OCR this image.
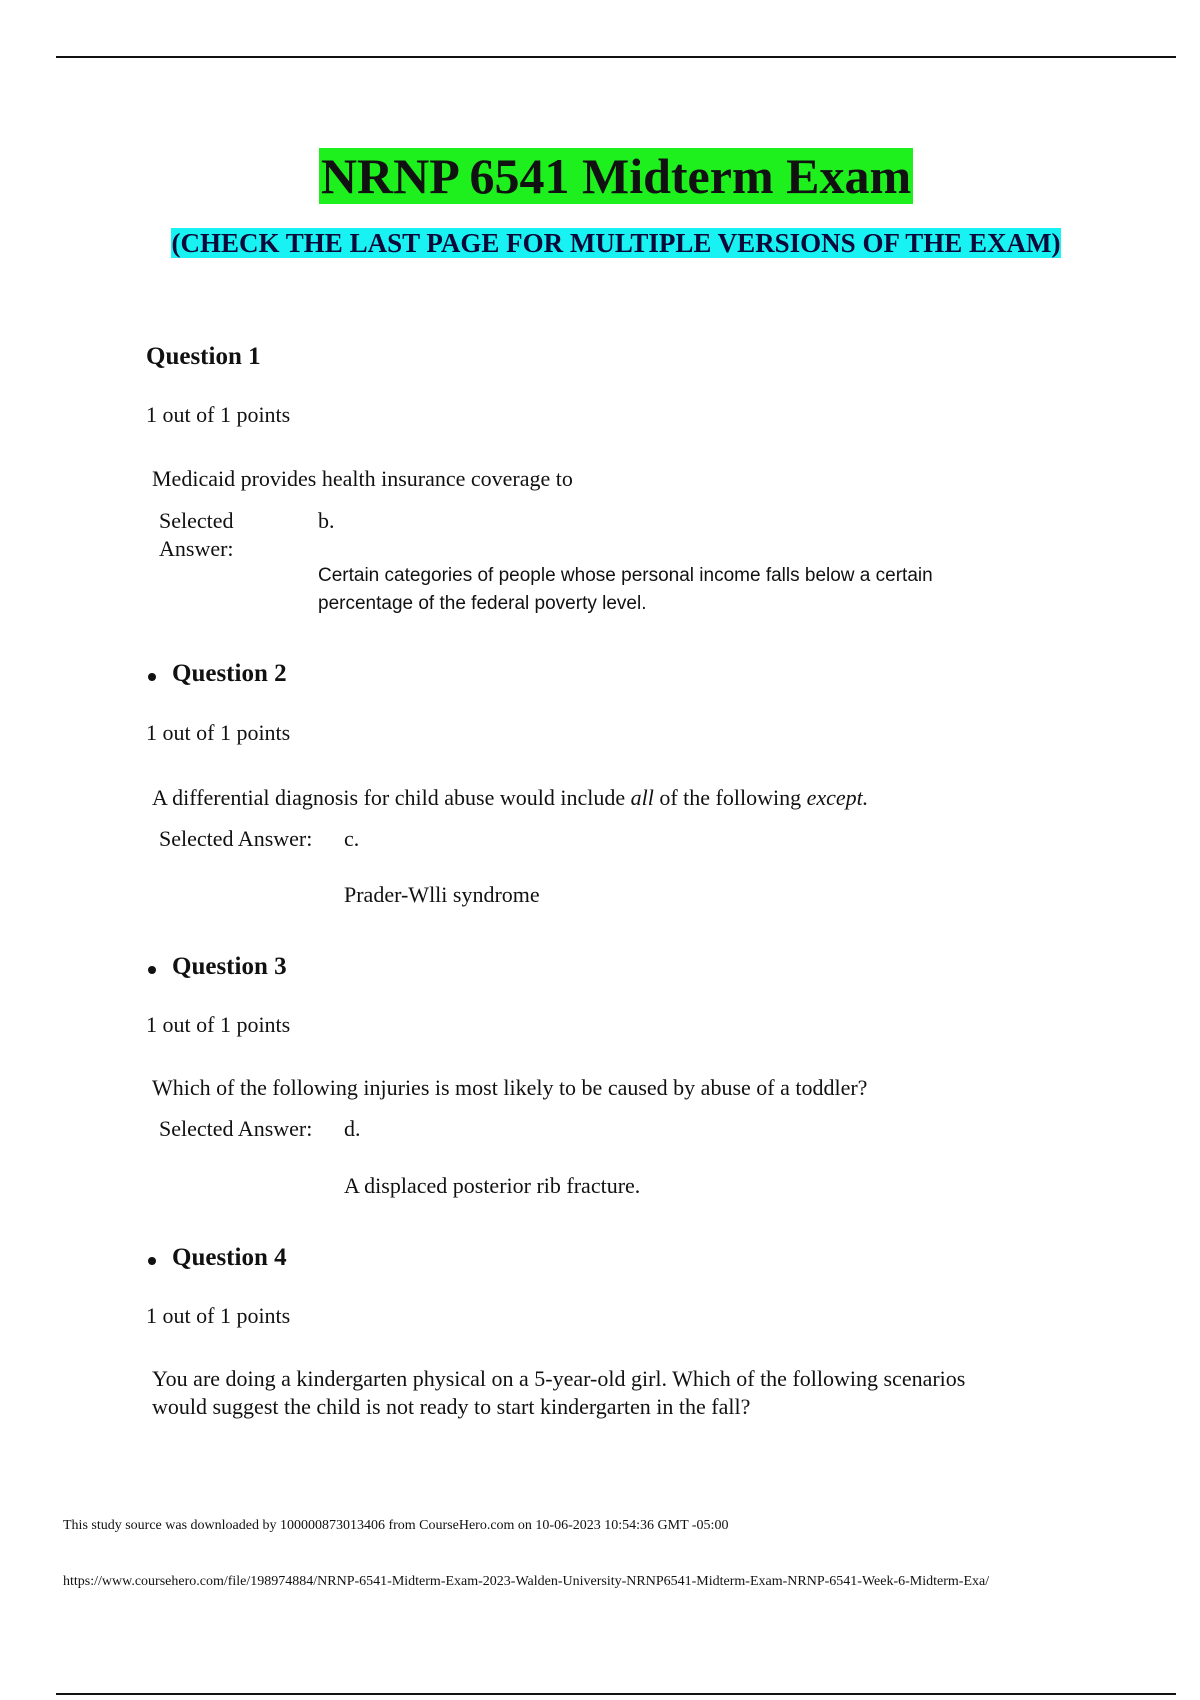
NRNP 6541 Midterm Exam
(CHECK THE LAST PAGE FOR MULTIPLE VERSIONS OF THE EXAM)
Question 1
1 out of 1 points
Medicaid provides health insurance coverage to
Selected
Answer:
b.
Certain categories of people whose personal income falls below a certain
percentage of the federal poverty level.
Question 2
1 out of 1 points
A differential diagnosis for child abuse would include all of the following except.
Selected Answer: c.
Prader-Wlli syndrome
Question 3
1 out of 1 points
Which of the following injuries is most likely to be caused by abuse of a toddler?
Selected Answer: d.
A displaced posterior rib fracture.
Question 4
1 out of 1 points
You are doing a kindergarten physical on a 5-year-old girl. Which of the following scenarios
would suggest the child is not ready to start kindergarten in the fall?
This study source was downloaded by 100000873013406 from CourseHero.com on 10-06-2023 10:54:36 GMT -05:00
https://www.coursehero.com/file/198974884/NRNP-6541-Midterm-Exam-2023-Walden-University-NRNP6541-Midterm-Exam-NRNP-6541-Week-6-Midterm-Exa/
